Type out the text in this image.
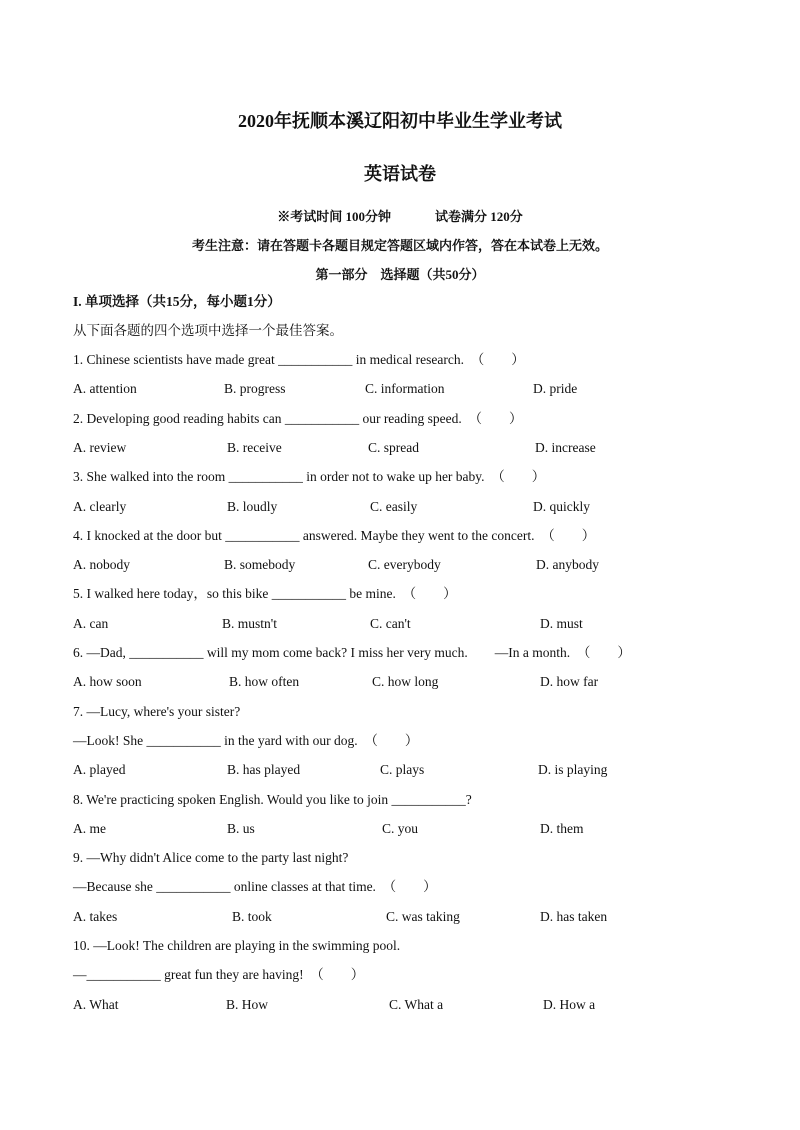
2020年抚顺本溪辽阳初中毕业生学业考试
英语试卷
※考试时间 100分钟	试卷满分 120分
考生注意：请在答题卡各题目规定答题区域内作答，答在本试卷上无效。
第一部分　选择题（共50分）
I. 单项选择（共15分，每小题1分）
从下面各题的四个选项中选择一个最佳答案。
1. Chinese scientists have made great ___________ in medical research.　（　　）
A. attention	B. progress	C. information	D. pride
2. Developing good reading habits can ___________ our reading speed.　（　　）
A. review	B. receive	C. spread	D. increase
3. She walked into the room ___________ in order not to wake up her baby.　（　　）
A. clearly	B. loudly	C. easily	D. quickly
4. I knocked at the door but ___________ answered. Maybe they went to the concert.　（　　）
A. nobody	B. somebody	C. everybody	D. anybody
5. I walked here today，so this bike ___________ be mine.　（　　）
A. can	B. mustn't	C. can't	D. must
6. —Dad, ___________ will my mom come back? I miss her very much.　　—In a month.　（　　）
A. how soon	B. how often	C. how long	D. how far
7. —Lucy, where's your sister?
—Look! She ___________ in the yard with our dog.　（　　）
A. played	B. has played	C. plays	D. is playing
8. We're practicing spoken English. Would you like to join ___________?
A. me	B. us	C. you	D. them
9. —Why didn't Alice come to the party last night?
—Because she ___________ online classes at that time.　（　　）
A. takes	B. took	C. was taking	D. has taken
10. —Look! The children are playing in the swimming pool.
—___________ great fun they are having!　（　　）
A. What	B. How	C. What a	D. How a
